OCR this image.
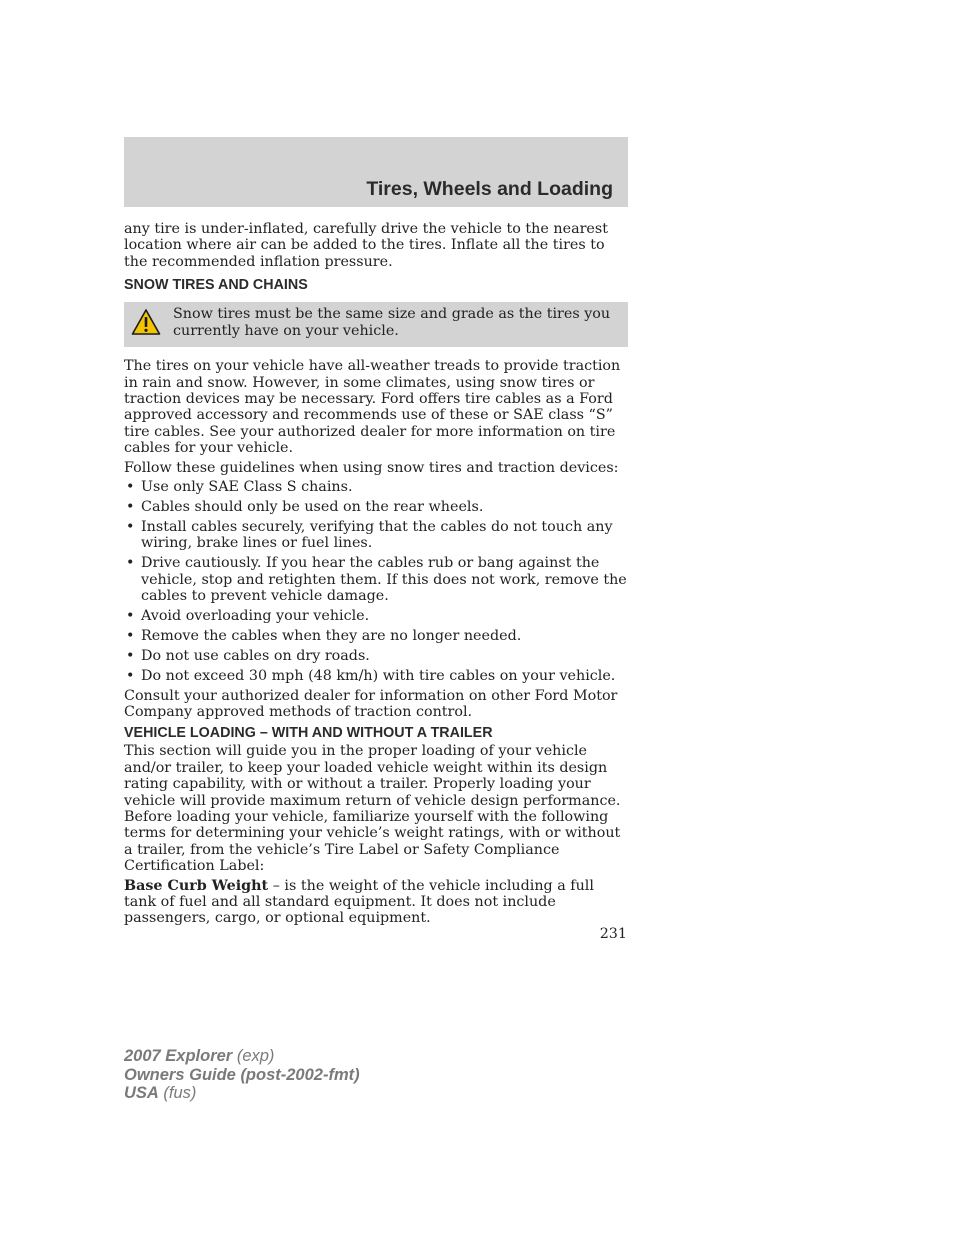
Tires, Wheels and Loading

any tire is under-inflated, carefully drive the vehicle to the nearest location where air can be added to the tires. Inflate all the tires to the recommended inflation pressure.

SNOW TIRES AND CHAINS

Snow tires must be the same size and grade as the tires you currently have on your vehicle.

The tires on your vehicle have all-weather treads to provide traction in rain and snow. However, in some climates, using snow tires or traction devices may be necessary. Ford offers tire cables as a Ford approved accessory and recommends use of these or SAE class “S” tire cables. See your authorized dealer for more information on tire cables for your vehicle.

Follow these guidelines when using snow tires and traction devices:

• Use only SAE Class S chains.
• Cables should only be used on the rear wheels.
• Install cables securely, verifying that the cables do not touch any wiring, brake lines or fuel lines.
• Drive cautiously. If you hear the cables rub or bang against the vehicle, stop and retighten them. If this does not work, remove the cables to prevent vehicle damage.
• Avoid overloading your vehicle.
• Remove the cables when they are no longer needed.
• Do not use cables on dry roads.
• Do not exceed 30 mph (48 km/h) with tire cables on your vehicle.

Consult your authorized dealer for information on other Ford Motor Company approved methods of traction control.

VEHICLE LOADING – WITH AND WITHOUT A TRAILER

This section will guide you in the proper loading of your vehicle and/or trailer, to keep your loaded vehicle weight within its design rating capability, with or without a trailer. Properly loading your vehicle will provide maximum return of vehicle design performance. Before loading your vehicle, familiarize yourself with the following terms for determining your vehicle’s weight ratings, with or without a trailer, from the vehicle’s Tire Label or Safety Compliance Certification Label:

Base Curb Weight – is the weight of the vehicle including a full tank of fuel and all standard equipment. It does not include passengers, cargo, or optional equipment.

231

2007 Explorer (exp)
Owners Guide (post-2002-fmt)
USA (fus)
